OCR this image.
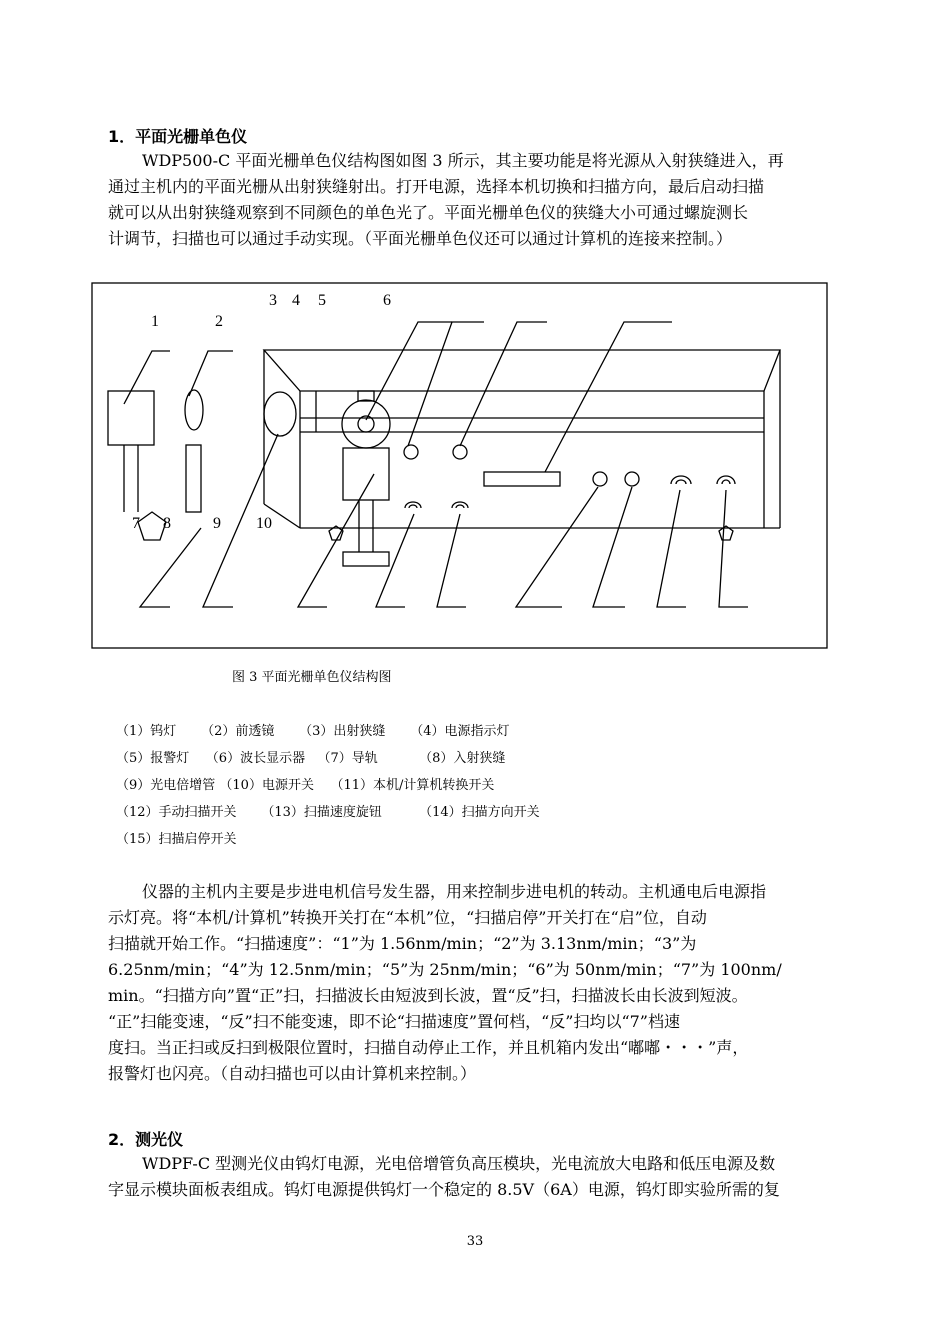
1．平面光栅单色仪
WDP500-C 平面光栅单色仪结构图如图 3 所示，其主要功能是将光源从入射狭缝进入，再
通过主机内的平面光栅从出射狭缝射出。打开电源，选择本机切换和扫描方向，最后启动扫描
就可以从出射狭缝观察到不同颜色的单色光了。平面光栅单色仪的狭缝大小可通过螺旋测长
计调节，扫描也可以通过手动实现。（平面光栅单色仪还可以通过计算机的连接来控制。）
1	2
3 4 5	6
7 8	9 10
图 3 平面光栅单色仪结构图
（1）钨灯      （2）前透镜      （3）出射狭缝      （4）电源指示灯
（5）报警灯    （6）波长显示器   （7）导轨          （8）入射狭缝
（9）光电倍增管 （10）电源开关    （11）本机/计算机转换开关
（12）手动扫描开关      （13）扫描速度旋钮         （14）扫描方向开关
（15）扫描启停开关
仪器的主机内主要是步进电机信号发生器，用来控制步进电机的转动。主机通电后电源指
示灯亮。将“本机/计算机”转换开关打在“本机”位，“扫描启停”开关打在“启”位，自动
扫描就开始工作。“扫描速度”：“1”为 1.56nm/min；“2”为 3.13nm/min；“3”为
6.25nm/min；“4”为 12.5nm/min；“5”为 25nm/min；“6”为 50nm/min；“7”为 100nm/
min。“扫描方向”置“正”扫，扫描波长由短波到长波，置“反”扫，扫描波长由长波到短波。
“正”扫能变速，“反”扫不能变速，即不论“扫描速度”置何档，“反”扫均以“7”档速
度扫。当正扫或反扫到极限位置时，扫描自动停止工作，并且机箱内发出“嘟嘟・・・”声，
报警灯也闪亮。（自动扫描也可以由计算机来控制。）
2．测光仪
WDPF-C 型测光仪由钨灯电源，光电倍增管负高压模块，光电流放大电路和低压电源及数
字显示模块面板表组成。钨灯电源提供钨灯一个稳定的 8.5V（6A）电源，钨灯即实验所需的复
33
